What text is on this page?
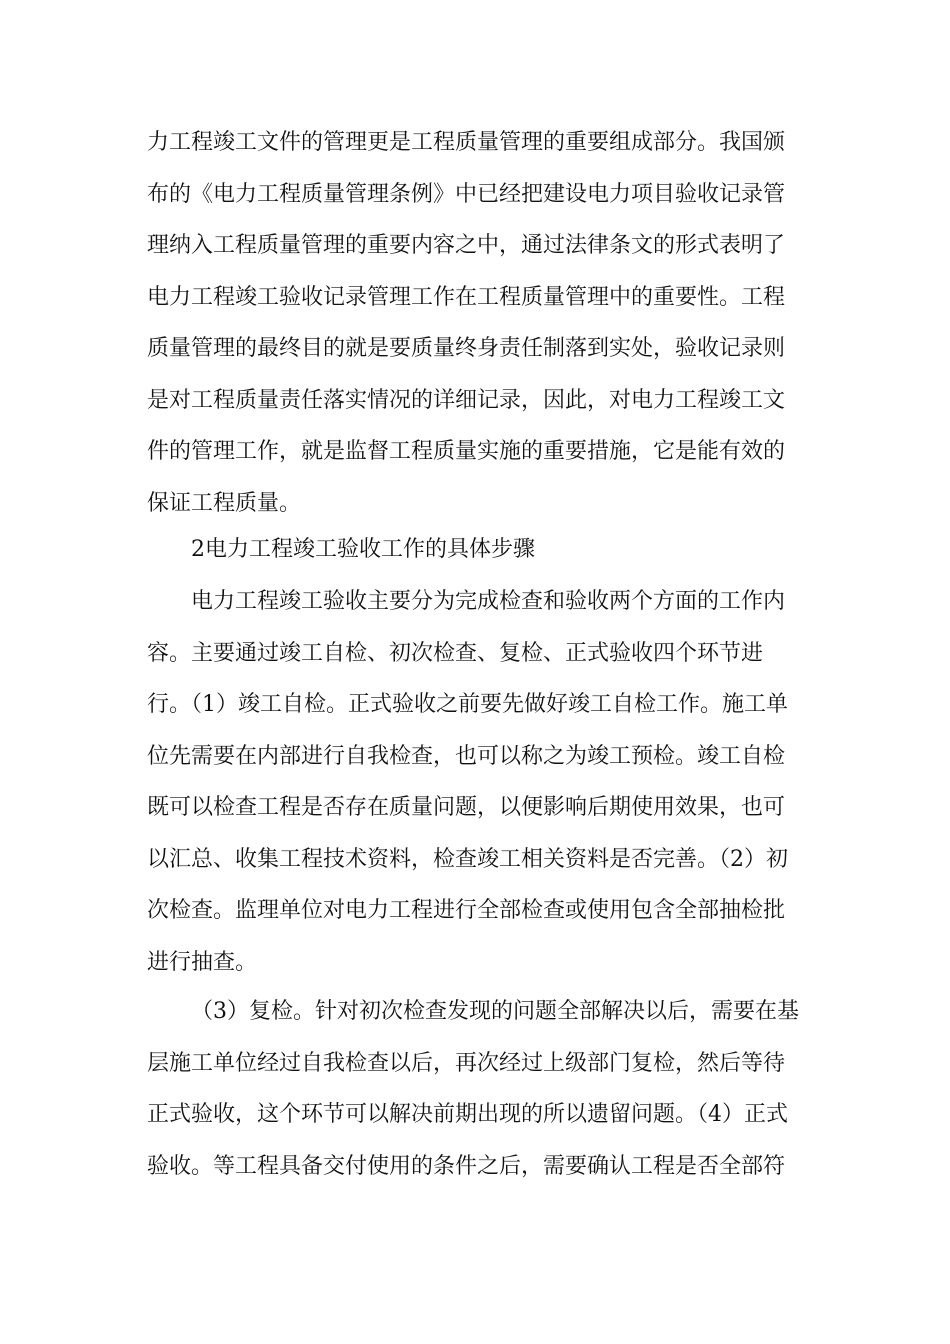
力工程竣工文件的管理更是工程质量管理的重要组成部分。我国颁
布的《电力工程质量管理条例》中已经把建设电力项目验收记录管
理纳入工程质量管理的重要内容之中，通过法律条文的形式表明了
电力工程竣工验收记录管理工作在工程质量管理中的重要性。工程
质量管理的最终目的就是要质量终身责任制落到实处，验收记录则
是对工程质量责任落实情况的详细记录，因此，对电力工程竣工文
件的管理工作，就是监督工程质量实施的重要措施，它是能有效的
保证工程质量。
2电力工程竣工验收工作的具体步骤
电力工程竣工验收主要分为完成检查和验收两个方面的工作内
容。主要通过竣工自检、初次检查、复检、正式验收四个环节进
行。（1）竣工自检。正式验收之前要先做好竣工自检工作。施工单
位先需要在内部进行自我检查，也可以称之为竣工预检。竣工自检
既可以检查工程是否存在质量问题，以便影响后期使用效果，也可
以汇总、收集工程技术资料，检查竣工相关资料是否完善。（2）初
次检查。监理单位对电力工程进行全部检查或使用包含全部抽检批
进行抽查。
（3）复检。针对初次检查发现的问题全部解决以后，需要在基
层施工单位经过自我检查以后，再次经过上级部门复检，然后等待
正式验收，这个环节可以解决前期出现的所以遗留问题。（4）正式
验收。等工程具备交付使用的条件之后，需要确认工程是否全部符
